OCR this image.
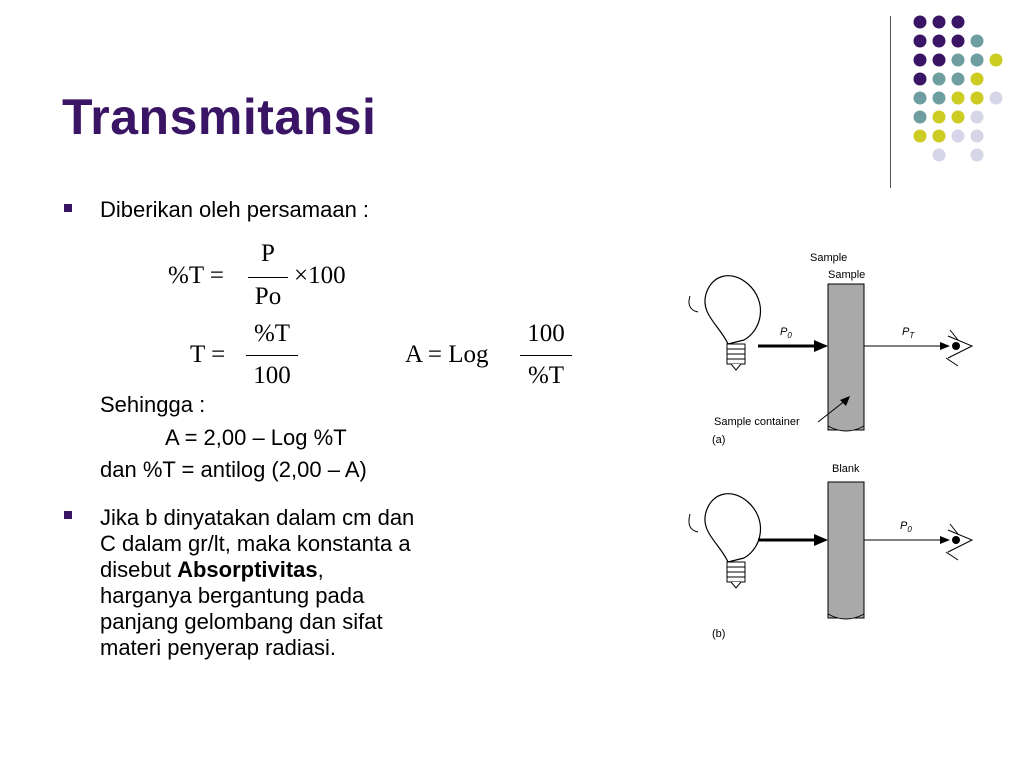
Transmitansi
Diberikan oleh persamaan :
%T =
P
Po
×100
T =
%T
100
A = Log
100
%T
Sehingga :
A = 2,00 – Log %T
dan %T = antilog (2,00 – A)
Jika b dinyatakan dalam cm dan
C dalam gr/lt, maka konstanta a
disebut Absorptivitas,
harganya bergantung pada
panjang gelombang dan sifat
materi penyerap radiasi.
Sample
Sample
$P_0$	$P_T$
Sample container
(a)
Blank
$P_0$
(b)
